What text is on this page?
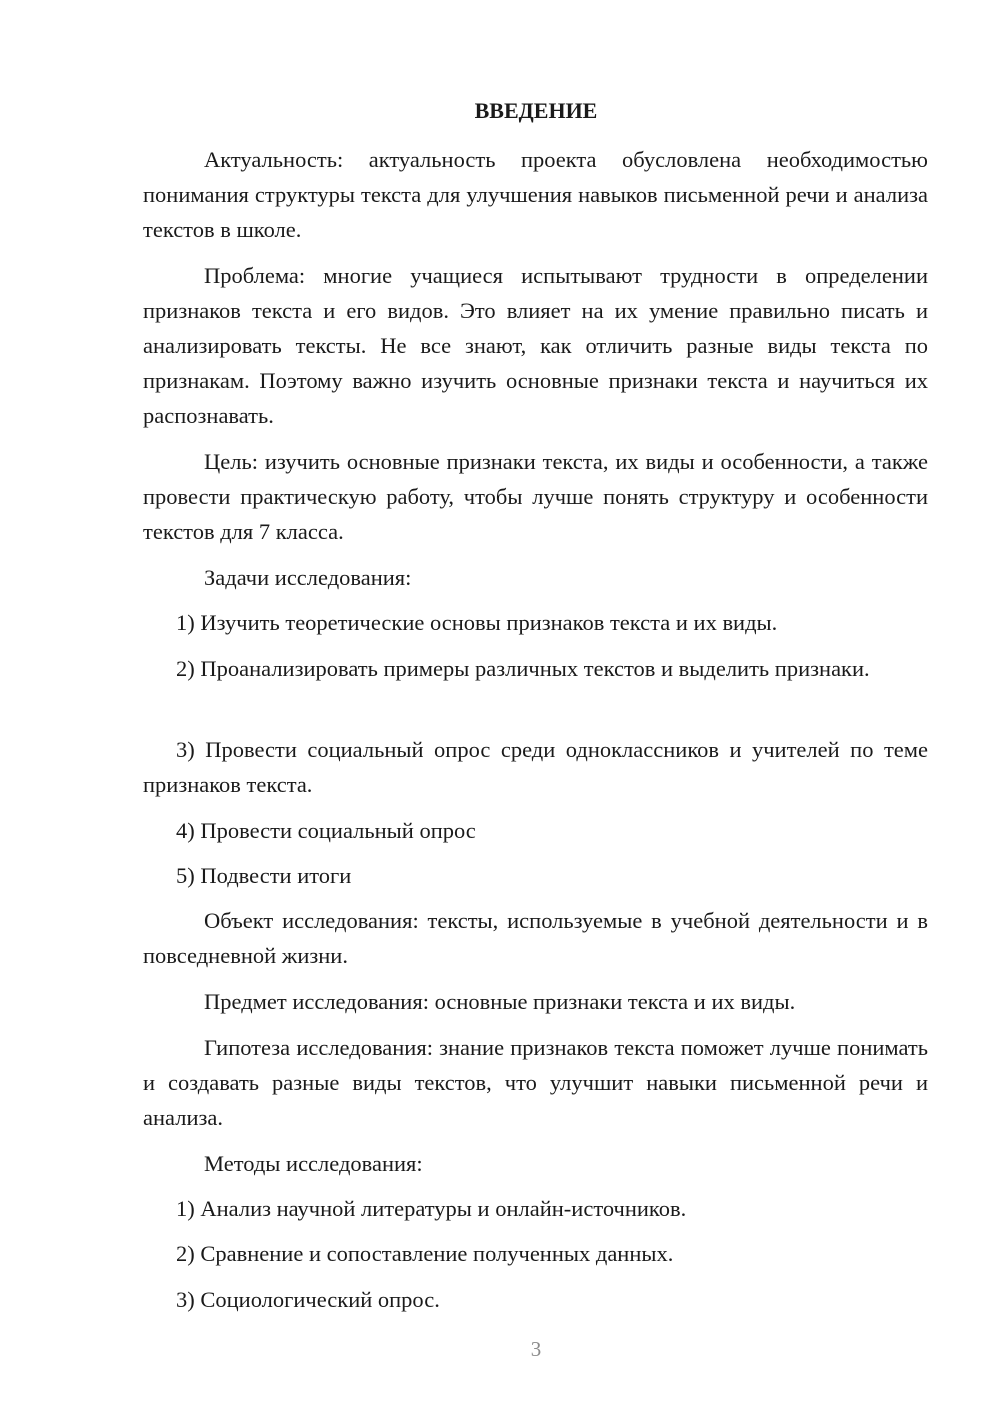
ВВЕДЕНИЕ

Актуальность: актуальность проекта обусловлена необходимостью понимания структуры текста для улучшения навыков письменной речи и анализа текстов в школе.

Проблема: многие учащиеся испытывают трудности в определении признаков текста и его видов. Это влияет на их умение правильно писать и анализировать тексты. Не все знают, как отличить разные виды текста по признакам. Поэтому важно изучить основные признаки текста и научиться их распознавать.

Цель: изучить основные признаки текста, их виды и особенности, а также провести практическую работу, чтобы лучше понять структуру и особенности текстов для 7 класса.

Задачи исследования:

1) Изучить теоретические основы признаков текста и их виды.

2) Проанализировать примеры различных текстов и выделить признаки.

3) Провести социальный опрос среди одноклассников и учителей по теме признаков текста.

4) Провести социальный опрос

5) Подвести итоги

Объект исследования: тексты, используемые в учебной деятельности и в повседневной жизни.

Предмет исследования: основные признаки текста и их виды.

Гипотеза исследования: знание признаков текста поможет лучше понимать и создавать разные виды текстов, что улучшит навыки письменной речи и анализа.

Методы исследования:

1) Анализ научной литературы и онлайн-источников.

2) Сравнение и сопоставление полученных данных.

3) Социологический опрос.

3
